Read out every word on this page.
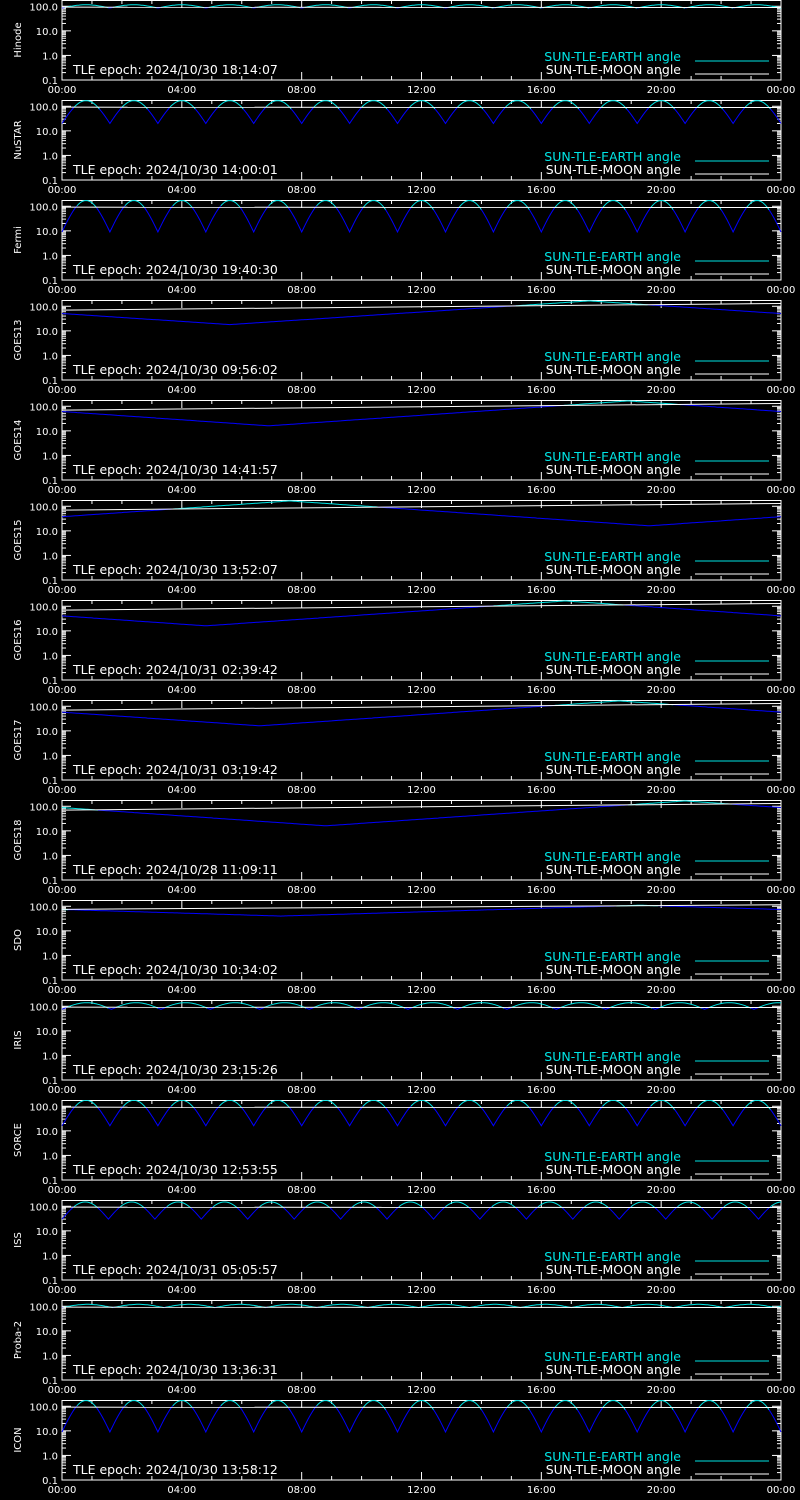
100.0
10.0
1.0
0.1
00:00	04:00	08:00	12:00	16:00	20:00	00:00
Hinode	SUN-TLE-EARTH angle
SUN-TLE-MOON angle
TLE epoch: 2024/10/30 18:14:07
100.0
10.0
1.0
0.1
00:00	04:00	08:00	12:00	16:00	20:00	00:00
NuSTAR	SUN-TLE-EARTH angle
SUN-TLE-MOON angle
TLE epoch: 2024/10/30 14:00:01
100.0
10.0
1.0
0.1
00:00	04:00	08:00	12:00	16:00	20:00	00:00
Fermi
SUN-TLE-EARTH angle
SUN-TLE-MOON angle
TLE epoch: 2024/10/30 19:40:30
100.0
10.0
1.0
0.1
00:00	04:00	08:00	12:00	16:00	20:00	00:00
GOES13	SUN-TLE-EARTH angle
SUN-TLE-MOON angle
TLE epoch: 2024/10/30 09:56:02
100.0
10.0
1.0
0.1
00:00	04:00	08:00	12:00	16:00	20:00	00:00
GOES14	SUN-TLE-EARTH angle
SUN-TLE-MOON angle
TLE epoch: 2024/10/30 14:41:57
100.0
10.0
1.0
0.1
00:00	04:00	08:00	12:00	16:00	20:00	00:00
GOES15	SUN-TLE-EARTH angle
SUN-TLE-MOON angle
TLE epoch: 2024/10/30 13:52:07
100.0
10.0
1.0
0.1
00:00	04:00	08:00	12:00	16:00	20:00	00:00
GOES16	SUN-TLE-EARTH angle
SUN-TLE-MOON angle
TLE epoch: 2024/10/31 02:39:42
100.0
10.0
1.0
0.1
00:00	04:00	08:00	12:00	16:00	20:00	00:00
GOES17	SUN-TLE-EARTH angle
SUN-TLE-MOON angle
TLE epoch: 2024/10/31 03:19:42
100.0
10.0
1.0
0.1
00:00	04:00	08:00	12:00	16:00	20:00	00:00
GOES18	SUN-TLE-EARTH angle
SUN-TLE-MOON angle
TLE epoch: 2024/10/28 11:09:11
100.0
10.0
1.0
0.1
00:00	04:00	08:00	12:00	16:00	20:00	00:00
SDO
SUN-TLE-EARTH angle
SUN-TLE-MOON angle
TLE epoch: 2024/10/30 10:34:02
100.0
10.0
1.0
0.1
00:00	04:00	08:00	12:00	16:00	20:00	00:00
IRIS
SUN-TLE-EARTH angle
SUN-TLE-MOON angle
TLE epoch: 2024/10/30 23:15:26
100.0
10.0
1.0
0.1
00:00	04:00	08:00	12:00	16:00	20:00	00:00
SORCE	SUN-TLE-EARTH angle
SUN-TLE-MOON angle
TLE epoch: 2024/10/30 12:53:55
100.0
10.0
1.0
0.1
00:00	04:00	08:00	12:00	16:00	20:00	00:00
ISS
SUN-TLE-EARTH angle
SUN-TLE-MOON angle
TLE epoch: 2024/10/31 05:05:57
100.0
10.0
1.0
0.1
00:00	04:00	08:00	12:00	16:00	20:00	00:00
Proba-2	SUN-TLE-EARTH angle
SUN-TLE-MOON angle
TLE epoch: 2024/10/30 13:36:31
100.0
10.0
1.0
0.1
00:00	04:00	08:00	12:00	16:00	20:00	00:00
ICON
SUN-TLE-EARTH angle
SUN-TLE-MOON angle
TLE epoch: 2024/10/30 13:58:12
